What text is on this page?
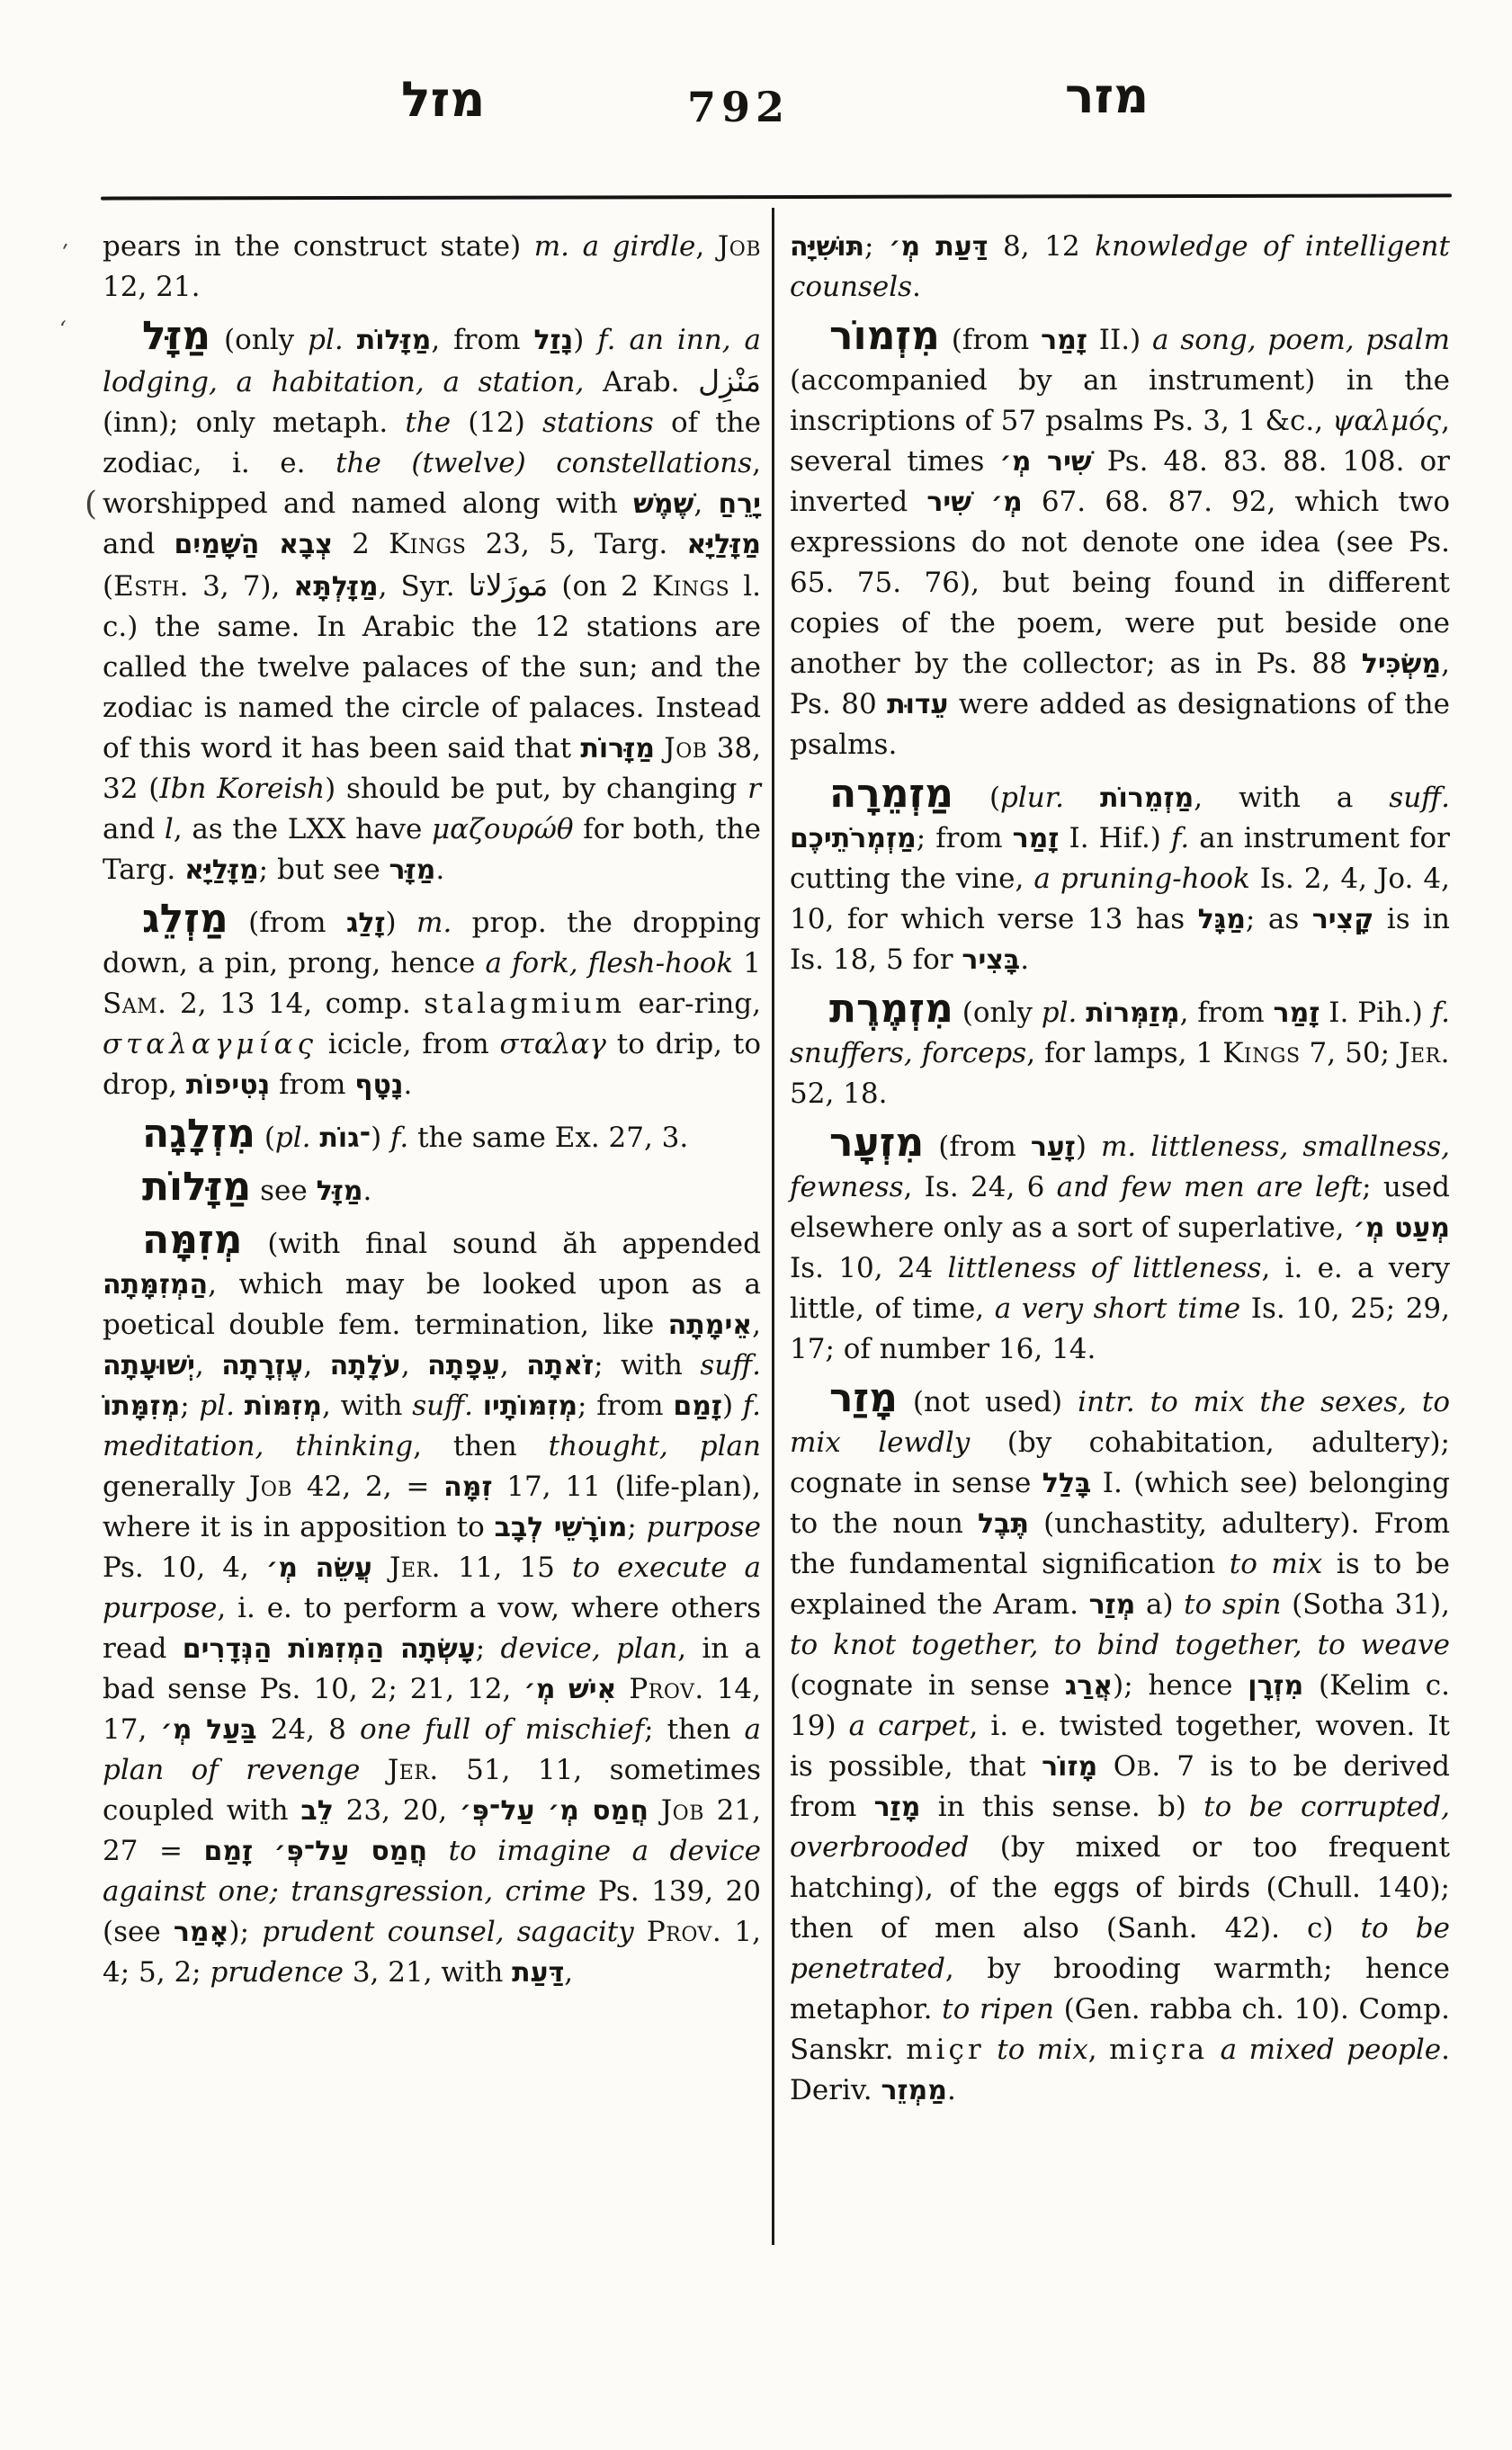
מזל	792	מזר
ʹ
ʻ
(

pears in the construct state) m. a girdle, Job 12, 21.

מַזָּל (only pl. מַזָּלוֹת, from נָזַל) f. an inn, a lodging, a habitation, a station, Arab. مَنْزِل (inn); only metaph. the (12) stations of the zodiac, i. e. the (twelve) constellations, worshipped and named along with שֶׁמֶשׁ, יָרֵחַ and צְבָא הַשָּׁמַיִם 2 Kings 23, 5, Targ. מַזָּלַיָּא (Esth. 3, 7), מַזָּלְתָּא, Syr. مَوزَلاتا (on 2 Kings l. c.) the same. In Arabic the 12 stations are called the twelve palaces of the sun; and the zodiac is named the circle of palaces. Instead of this word it has been said that מַזָּרוֹת Job 38, 32 (Ibn Koreish) should be put, by changing r and l, as the LXX have μαζουρώθ for both, the Targ. מַזָּלַיָּא; but see מַזָּר.

מַזְלֵג (from זָלַג) m. prop. the dropping down, a pin, prong, hence a fork, flesh-hook 1 Sam. 2, 13 14, comp. stalagmium ear-ring, σταλαγμίας icicle, from σταλαγ to drip, to drop, נְטִיפוֹת from נָטָף.

מִזְלָגָה (pl. ־גוֹת) f. the same Ex. 27, 3.

מַזָּלוֹת see מַזָּל.

מְזִמָּה (with final sound ăh appended הַמְזִמָּתָה, which may be looked upon as a poetical double fem. termination, like אֵימָתָה, יְשׁוּעָתָה, עֶזְרָתָה, עֹלָתָה, עֵפָתָה, זֹאתָה; with suff. מְזִמָּתוֹ; pl. מְזִמּוֹת, with suff. מְזִמּוֹתָיו; from זָמַם) f. meditation, thinking, then thought, plan generally Job 42, 2, = זִמָּה 17, 11 (life-plan), where it is in apposition to מוֹרָשֵׁי לְבָב; purpose Ps. 10, 4, עֲשֵׂה מְ׳ Jer. 11, 15 to execute a purpose, i. e. to perform a vow, where others read עָשְׂתָה הַמְזִמּוֹת הַנְּדָרִים; device, plan, in a bad sense Ps. 10, 2; 21, 12, אִישׁ מְ׳ Prov. 14, 17, בַּעַל מְ׳ 24, 8 one full of mischief; then a plan of revenge Jer. 51, 11, sometimes coupled with לֵב 23, 20, חֲמַס מְ׳ עַל־פְּ׳ Job 21, 27 = זָמַם חֲמַס עַל־פְּ׳ to imagine a device against one; transgression, crime Ps. 139, 20 (see אָמַר); prudent counsel, sagacity Prov. 1, 4; 5, 2; prudence 3, 21, with דַּעַת,

תּוּשִׁיָּה; דַּעַת מְ׳ 8, 12 knowledge of intelligent counsels.

מִזְמוֹר (from זָמַר II.) a song, poem, psalm (accompanied by an instrument) in the inscriptions of 57 psalms Ps. 3, 1 &c., ψαλμός, several times שִׁיר מְ׳ Ps. 48. 83. 88. 108. or inverted מְ׳ שִׁיר 67. 68. 87. 92, which two expressions do not denote one idea (see Ps. 65. 75. 76), but being found in different copies of the poem, were put beside one another by the collector; as in Ps. 88 מַשְׂכִּיל, Ps. 80 עֵדוּת were added as designations of the psalms.

מַזְמֵרָה (plur. מַזְמֵרוֹת, with a suff. מַזְמְרֹתֵיכֶם; from זָמַר I. Hif.) f. an instrument for cutting the vine, a pruning-hook Is. 2, 4, Jo. 4, 10, for which verse 13 has מַגָּל; as קָצִיר is in Is. 18, 5 for בָּצִיר.

מִזְמֶרֶת (only pl. מְזַמְּרוֹת, from זָמַר I. Pih.) f. snuffers, forceps, for lamps, 1 Kings 7, 50; Jer. 52, 18.

מִזְעָר (from זָעַר) m. littleness, smallness, fewness, Is. 24, 6 and few men are left; used elsewhere only as a sort of superlative, מְעַט מְ׳ Is. 10, 24 littleness of littleness, i. e. a very little, of time, a very short time Is. 10, 25; 29, 17; of number 16, 14.

מָזַר (not used) intr. to mix the sexes, to mix lewdly (by cohabitation, adultery); cognate in sense בָּלַל I. (which see) belonging to the noun תֶּבֶל (unchastity, adultery). From the fundamental signification to mix is to be explained the Aram. מְזַר a) to spin (Sotha 31), to knot together, to bind together, to weave (cognate in sense אֲרַג); hence מִזְרָן (Kelim c. 19) a carpet, i. e. twisted together, woven. It is possible, that מָזוֹר Ob. 7 is to be derived from מָזַר in this sense. b) to be corrupted, overbrooded (by mixed or too frequent hatching), of the eggs of birds (Chull. 140); then of men also (Sanh. 42). c) to be penetrated, by brooding warmth; hence metaphor. to ripen (Gen. rabba ch. 10). Comp. Sanskr. miçr to mix, miçra a mixed people. Deriv. מַמְזֵר.
